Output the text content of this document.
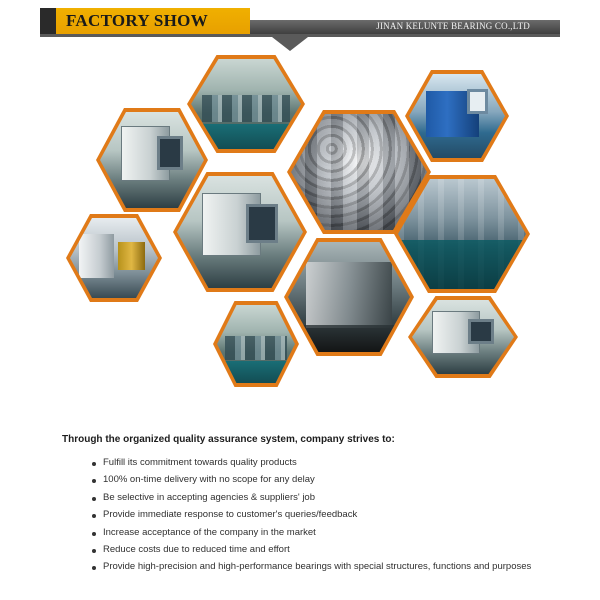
FACTORY SHOW	JINAN KELUNTE BEARING CO.,LTD
Through the organized quality assurance system, company strives to:
Fulfill its commitment towards quality products
100% on-time delivery with no scope for any delay
Be selective in accepting agencies & suppliers' job
Provide immediate response to customer's queries/feedback
Increase acceptance of the company in the market
Reduce costs due to reduced time and effort
Provide high-precision and high-performance bearings with special structures, functions and purposes
